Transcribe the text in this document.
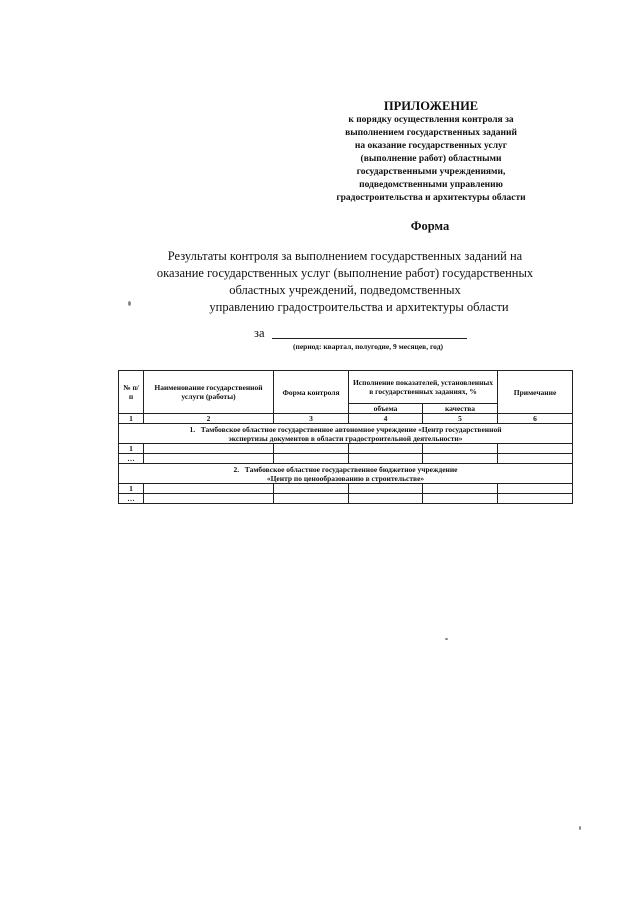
ПРИЛОЖЕНИЕ
к порядку осуществления контроля за
выполнением государственных заданий
на оказание государственных услуг
(выполнение работ) областными
государственными учреждениями,
подведомственными управлению
градостроительства и архитектуры области
Форма
Результаты контроля за выполнением государственных заданий на
оказание государственных услуг (выполнение работ) государственных
областных учреждений, подведомственных
управлению градостроительства и архитектуры области
за
(период: квартал, полугодие, 9 месяцев, год)
№ п/п	Наименование государственной услуги (работы)	Форма контроля	Исполнение показателей, установленных в государственных заданиях, %		Примечание
			объема	качества	
1	2	3	4	5	6

1. Тамбовское областное государственное автономное учреждение «Центр государственной
экспертизы документов в области градостроительной деятельности»					

1					
…					

2. Тамбовское областное государственное бюджетное учреждение
«Центр по ценообразованию в строительстве»					

1					
…					
